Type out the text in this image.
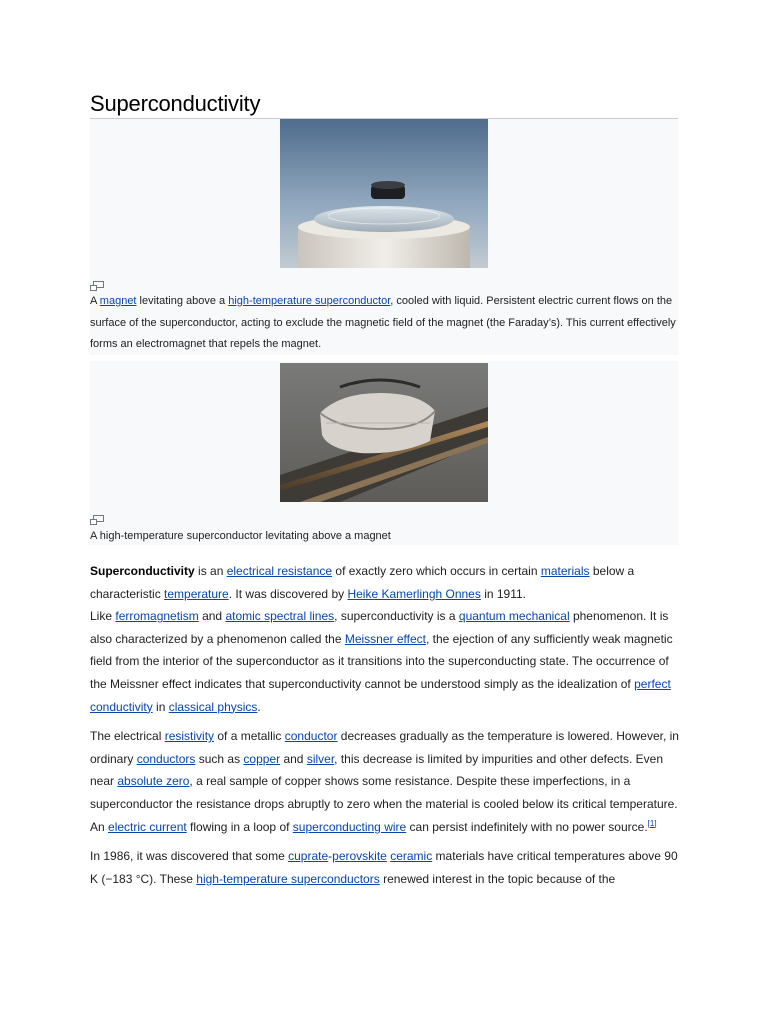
Superconductivity
A magnet levitating above a high-temperature superconductor, cooled with liquid. Persistent electric current flows on the surface of the superconductor, acting to exclude the magnetic field of the magnet (the Faraday’s). This current effectively forms an electromagnet that repels the magnet.
A high-temperature superconductor levitating above a magnet

Superconductivity is an electrical resistance of exactly zero which occurs in certain materials below a characteristic temperature. It was discovered by Heike Kamerlingh Onnes in 1911.

Like ferromagnetism and atomic spectral lines, superconductivity is a quantum mechanical phenomenon. It is also characterized by a phenomenon called the Meissner effect, the ejection of any sufficiently weak magnetic field from the interior of the superconductor as it transitions into the superconducting state. The occurrence of the Meissner effect indicates that superconductivity cannot be understood simply as the idealization of perfect conductivity in classical physics.

The electrical resistivity of a metallic conductor decreases gradually as the temperature is lowered. However, in ordinary conductors such as copper and silver, this decrease is limited by impurities and other defects. Even near absolute zero, a real sample of copper shows some resistance. Despite these imperfections, in a superconductor the resistance drops abruptly to zero when the material is cooled below its critical temperature. An electric current flowing in a loop of superconducting wire can persist indefinitely with no power source.[1]

In 1986, it was discovered that some cuprate-perovskite ceramic materials have critical temperatures above 90 K (−183 °C). These high-temperature superconductors renewed interest in the topic because of the
